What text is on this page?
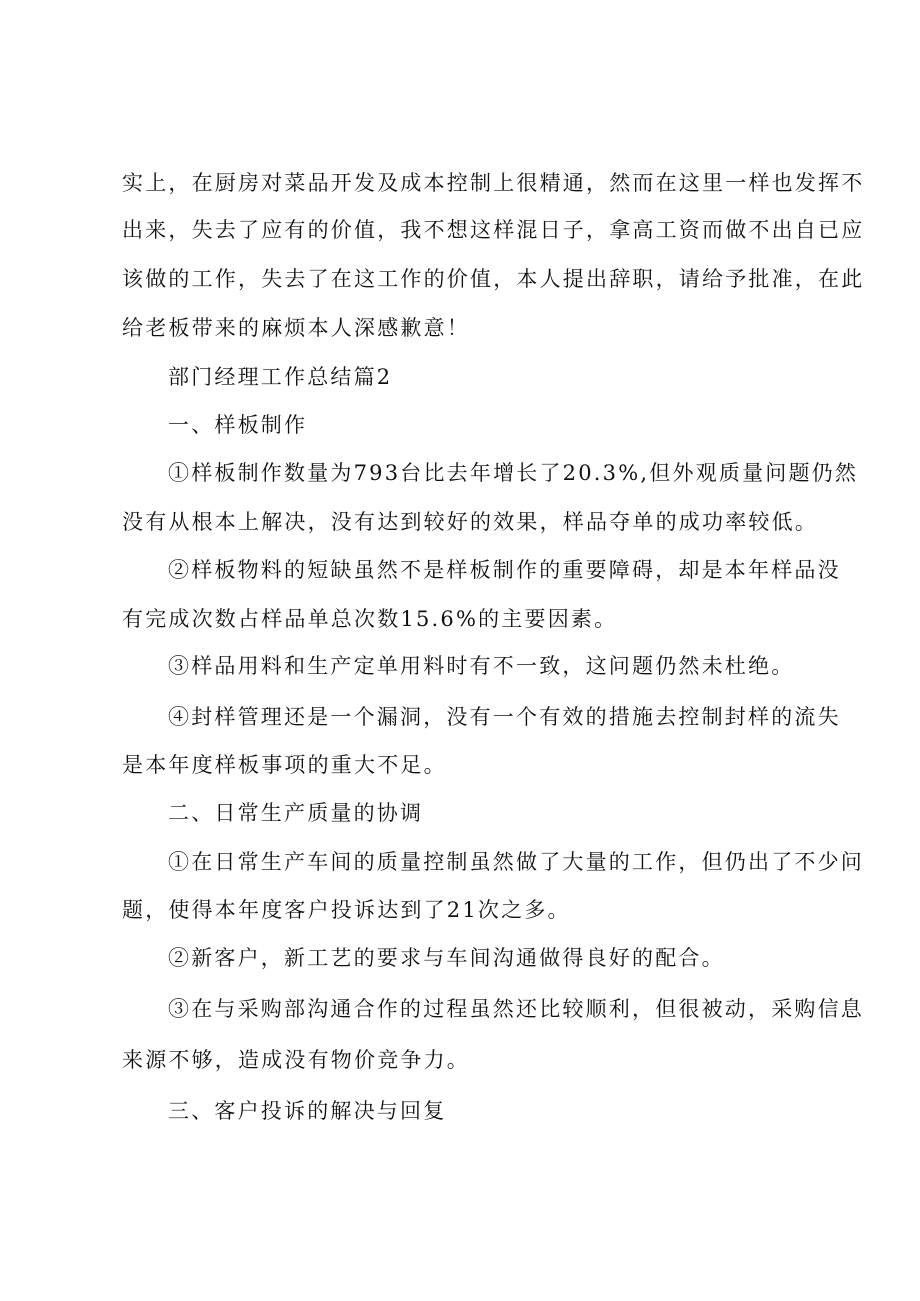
实上，在厨房对菜品开发及成本控制上很精通，然而在这里一样也发挥不
出来，失去了应有的价值，我不想这样混日子，拿高工资而做不出自已应
该做的工作，失去了在这工作的价值，本人提出辞职，请给予批准，在此
给老板带来的麻烦本人深感歉意！
部门经理工作总结篇2
一、样板制作
①样板制作数量为793台比去年增长了20.3%,但外观质量问题仍然
没有从根本上解决，没有达到较好的效果，样品夺单的成功率较低。
②样板物料的短缺虽然不是样板制作的重要障碍，却是本年样品没
有完成次数占样品单总次数15.6%的主要因素。
③样品用料和生产定单用料时有不一致，这问题仍然未杜绝。
④封样管理还是一个漏洞，没有一个有效的措施去控制封样的流失
是本年度样板事项的重大不足。
二、日常生产质量的协调
①在日常生产车间的质量控制虽然做了大量的工作，但仍出了不少问
题，使得本年度客户投诉达到了21次之多。
②新客户，新工艺的要求与车间沟通做得良好的配合。
③在与采购部沟通合作的过程虽然还比较顺利，但很被动，采购信息
来源不够，造成没有物价竞争力。
三、客户投诉的解决与回复
